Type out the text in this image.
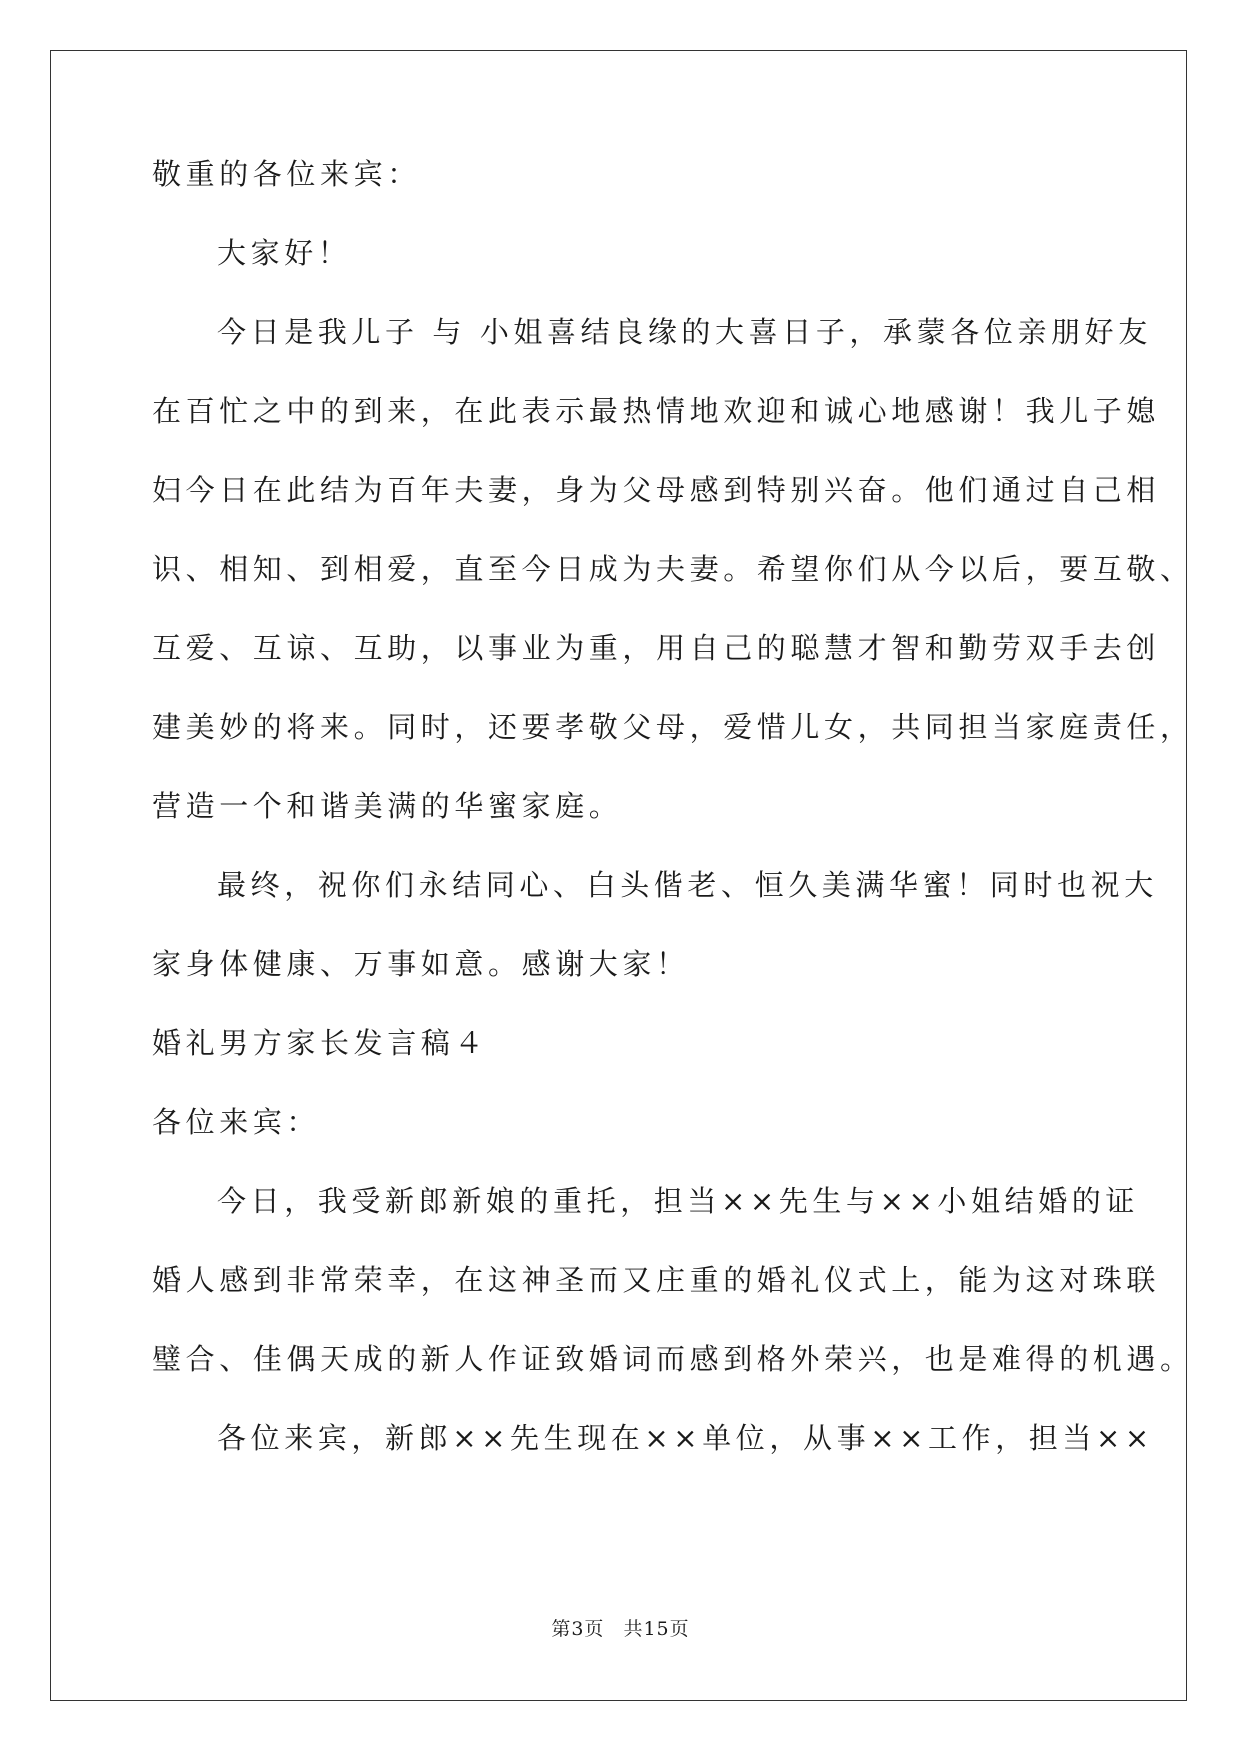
敬重的各位来宾：
大家好！
今日是我儿子 与 小姐喜结良缘的大喜日子，承蒙各位亲朋好友
在百忙之中的到来，在此表示最热情地欢迎和诚心地感谢！我儿子媳
妇今日在此结为百年夫妻，身为父母感到特别兴奋。他们通过自己相
识、相知、到相爱，直至今日成为夫妻。希望你们从今以后，要互敬、
互爱、互谅、互助，以事业为重，用自己的聪慧才智和勤劳双手去创
建美妙的将来。同时，还要孝敬父母，爱惜儿女，共同担当家庭责任，
营造一个和谐美满的华蜜家庭。
最终，祝你们永结同心、白头偕老、恒久美满华蜜！同时也祝大
家身体健康、万事如意。感谢大家！
婚礼男方家长发言稿４
各位来宾：
今日，我受新郎新娘的重托，担当××先生与××小姐结婚的证
婚人感到非常荣幸，在这神圣而又庄重的婚礼仪式上，能为这对珠联
璧合、佳偶天成的新人作证致婚词而感到格外荣兴，也是难得的机遇。
各位来宾，新郎××先生现在××单位，从事××工作，担当××
第3页 共15页
